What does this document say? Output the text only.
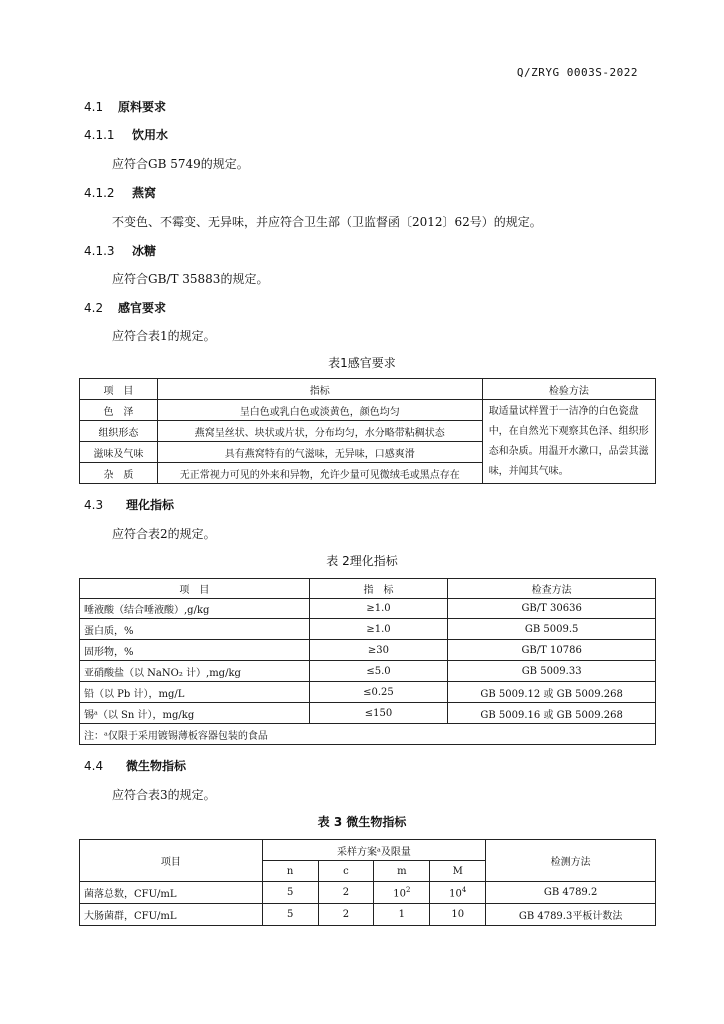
Q/ZRYG 0003S-2022
4.1 原料要求
4.1.1 饮用水
应符合GB 5749的规定。
4.1.2 燕窝
不变色、不霉变、无异味，并应符合卫生部（卫监督函〔2012〕62号）的规定。
4.1.3 冰糖
应符合GB/T 35883的规定。
4.2 感官要求
应符合表1的规定。
表1感官要求
项　目	指标	检验方法
色　泽	呈白色或乳白色或淡黄色，颜色均匀	取适量试样置于一洁净的白色瓷盘中，在自然光下观察其色泽、组织形态和杂质。用温开水漱口，品尝其滋味，并闻其气味。
组织形态	燕窝呈丝状、块状或片状，分布均匀，水分略带粘稠状态	
滋味及气味	具有燕窝特有的气滋味，无异味，口感爽滑	
杂　质	无正常视力可见的外来和异物，允许少量可见微绒毛或黑点存在	
4.3 理化指标
应符合表2的规定。
表 2理化指标
项　目	指　标	检查方法
唾液酸（结合唾液酸）,g/kg	≥1.0	GB/T 30636
蛋白质，%	≥1.0	GB 5009.5
固形物，%	≥30	GB/T 10786
亚硝酸盐（以 NaNO₂ 计）,mg/kg	≤5.0	GB 5009.33
铅（以 Pb 计），mg/L	≤0.25	GB 5009.12 或 GB 5009.268
锡ᵃ（以 Sn 计），mg/kg	≤150	GB 5009.16 或 GB 5009.268
注：ᵃ仅限于采用镀锡薄板容器包装的食品		
4.4 微生物指标
应符合表3的规定。
表 3 微生物指标
项目	采样方案ᵃ及限量				检测方法
	n	c	m	M	
菌落总数，CFU/mL	5	2	$10^2$	$10^4$	GB 4789.2
大肠菌群，CFU/mL	5	2	1	10	GB 4789.3平板计数法
